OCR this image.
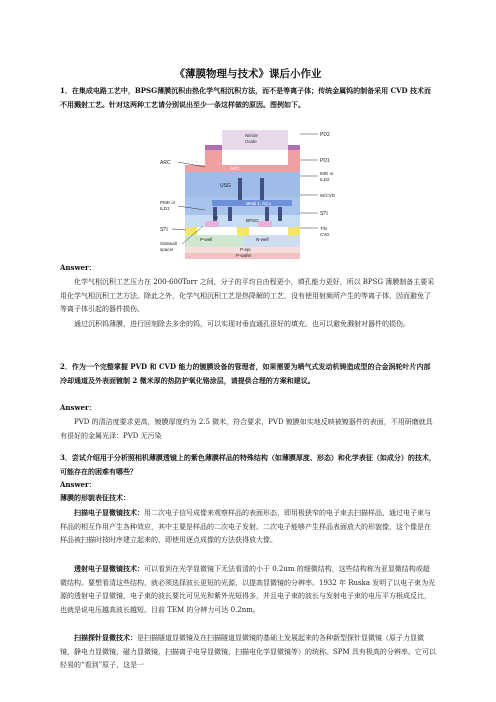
《薄膜物理与技术》课后小作业
1．在集成电路工艺中，BPSG薄膜沉积由热化学气相沉积方法，而不是等离子体；传统金属钨的制备采用 CVD 技术而不用溅射工艺。针对这两种工艺请分别说出至少一条这样做的原因。图例如下。
Nitride
Oxide
ARC
USG
Metal 1, AlCu
W
BPSG
P-well	N-well
P-epi
P-wafer
ARC
PMD or
ILD1
STI
Sidewall
spacer
PD2
PD1
IMD or
ILD2
W/CVD
STI
TiN
CVD
Answer：
化学气相沉积工艺压力在 200-600Torr 之间，分子的平均自由程更小，填孔能力更好，所以 BPSG 薄膜制备主要采用化学气相沉积工艺方法。除此之外，化学气相沉积工艺是热降解的工艺，没有使用射频所产生的等离子体，因而避免了等离子体引起的器件损伤。
通过沉积钨薄膜，进行回刻除去多余的钨，可以实现对垂直通孔很好的填充。也可以避免溅射对器件的损伤。
2．作为一个完整掌握 PVD 和 CVD 能力的镀膜设备的管理者，如果需要为喷气式发动机铸造成型的合金涡轮叶片内部冷却通道及外表面镀制 2 微米厚的热防护氧化铬涂层，请提供合理的方案和建议。
Answer：
PVD 的清洁度要求更高，镀膜厚度约为 2.5 微米，符合要求，PVD 镀膜如实地反映被镀器件的表面，不用研磨就具有很好的金属光泽：PVD 无污染
3．尝试介绍用于分析照相机薄膜透镜上的紫色薄膜样品的特殊结构（如薄膜厚度、形态）和化学表征（如成分）的技术，可能存在的困难有哪些？
Answer：
薄膜的形貌表征技术：
扫描电子显微镜技术：用二次电子信号成像来观察样品的表面形态，即用极狭窄的电子束去扫描样品，通过电子束与样品的相互作用产生各种效应，其中主要是样品的二次电子发射。二次电子能够产生样品表面放大的形貌像，这个像是在样品被扫描时按时序建立起来的，即使用逐点成像的方法获得放大像。
透射电子显微镜技术：可以看到在光学显微镜下无法看清的小于 0.2um 的细微结构，这些结构称为亚显微结构或超微结构。要想看清这些结构，就必须选择波长更短的光源，以提高显微镜的分辨率。1932 年 Ruska 发明了以电子束为光源的透射电子显微镜，电子束的波长要比可见光和紫外光短得多，并且电子束的波长与发射电子束的电压平方根成反比，也就是说电压越高波长越短。目前 TEM 的分辨力可达 0.2nm。
扫描探针显微技术：是扫描隧道显微镜及在扫描隧道显微镜的基础上发展起来的各种新型探针显微镜（原子力显微镜，静电力显微镜，磁力显微镜，扫描离子电导显微镜，扫描电化学显微镜等）的统称。SPM 具有极高的分辨率。它可以轻易的“看到”原子，这是一
